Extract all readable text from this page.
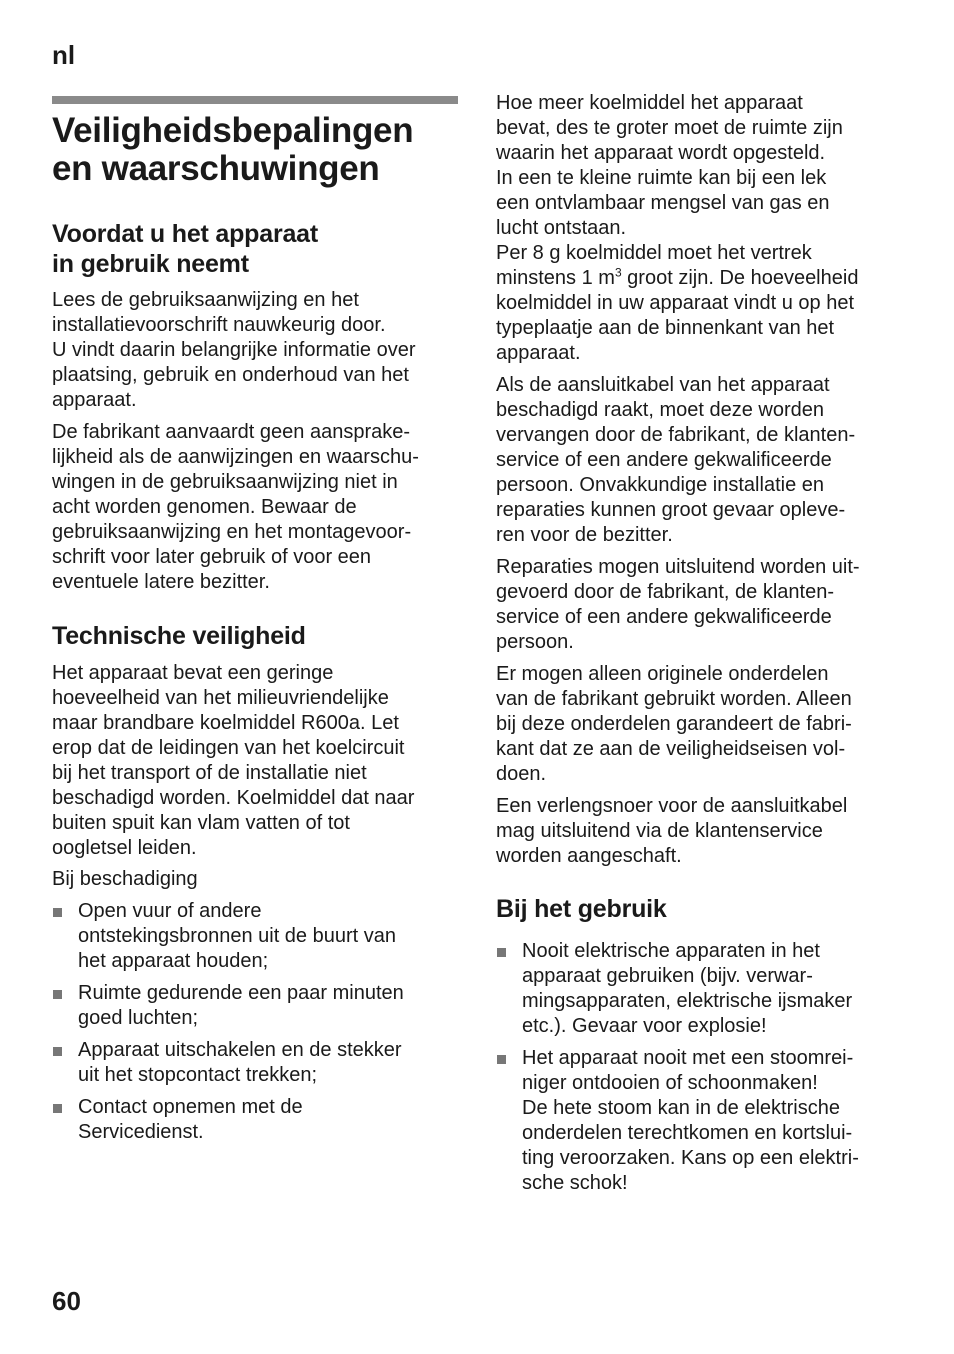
nl
Veiligheidsbepalingen
en waarschuwingen
Voordat u het apparaat
in gebruik neemt

Lees de gebruiksaanwijzing en het
installatievoorschrift nauwkeurig door.
U vindt daarin belangrijke informatie over
plaatsing, gebruik en onderhoud van het
apparaat.

De fabrikant aanvaardt geen aansprake-
lijkheid als de aanwijzingen en waarschu-
wingen in de gebruiksaanwijzing niet in
acht worden genomen. Bewaar de
gebruiksaanwijzing en het montagevoor-
schrift voor later gebruik of voor een
eventuele latere bezitter.

Technische veiligheid

Het apparaat bevat een geringe
hoeveelheid van het milieuvriendelijke
maar brandbare koelmiddel R600a. Let
erop dat de leidingen van het koelcircuit
bij het transport of de installatie niet
beschadigd worden. Koelmiddel dat naar
buiten spuit kan vlam vatten of tot
oogletsel leiden.

Bij beschadiging

Open vuur of andere
ontstekingsbronnen uit de buurt van
het apparaat houden;
Ruimte gedurende een paar minuten
goed luchten;
Apparaat uitschakelen en de stekker
uit het stopcontact trekken;
Contact opnemen met de
Servicedienst.

Hoe meer koelmiddel het apparaat
bevat, des te groter moet de ruimte zijn
waarin het apparaat wordt opgesteld.
In een te kleine ruimte kan bij een lek
een ontvlambaar mengsel van gas en
lucht ontstaan.
Per 8 g koelmiddel moet het vertrek
minstens 1 $m^3$ groot zijn. De hoeveelheid
koelmiddel in uw apparaat vindt u op het
typeplaatje aan de binnenkant van het
apparaat.

Als de aansluitkabel van het apparaat
beschadigd raakt, moet deze worden
vervangen door de fabrikant, de klanten-
service of een andere gekwalificeerde
persoon. Onvakkundige installatie en
reparaties kunnen groot gevaar opleve-
ren voor de bezitter.

Reparaties mogen uitsluitend worden uit-
gevoerd door de fabrikant, de klanten-
service of een andere gekwalificeerde
persoon.

Er mogen alleen originele onderdelen
van de fabrikant gebruikt worden. Alleen
bij deze onderdelen garandeert de fabri-
kant dat ze aan de veiligheidseisen vol-
doen.

Een verlengsnoer voor de aansluitkabel
mag uitsluitend via de klantenservice
worden aangeschaft.

Bij het gebruik
Nooit elektrische apparaten in het
apparaat gebruiken (bijv. verwar-
mingsapparaten, elektrische ijsmaker
etc.). Gevaar voor explosie!
Het apparaat nooit met een stoomrei-
niger ontdooien of schoonmaken!
De hete stoom kan in de elektrische
onderdelen terechtkomen en kortslui-
ting veroorzaken. Kans op een elektri-
sche schok!
60
